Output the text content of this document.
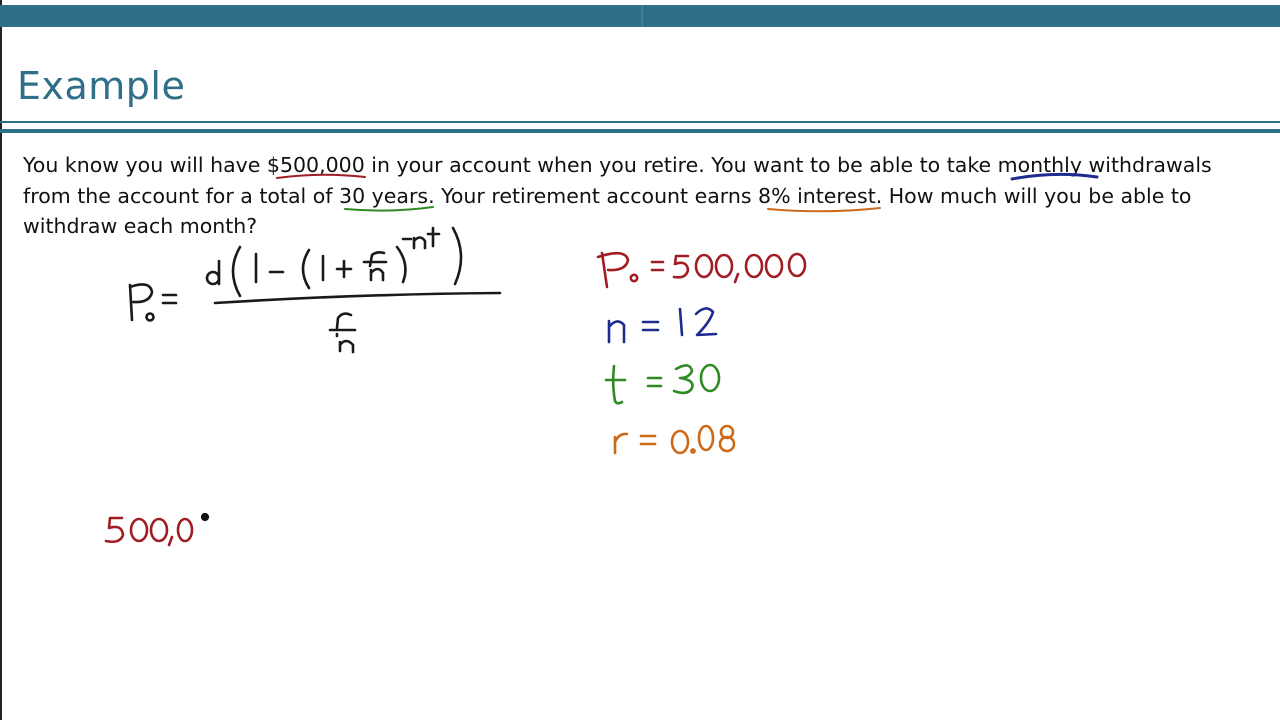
Example
You know you will have $500,000 in your account when you retire. You want to be able to take monthly withdrawals
from the account for a total of 30 years. Your retirement account earns 8% interest. How much will you be able to
withdraw each month?
